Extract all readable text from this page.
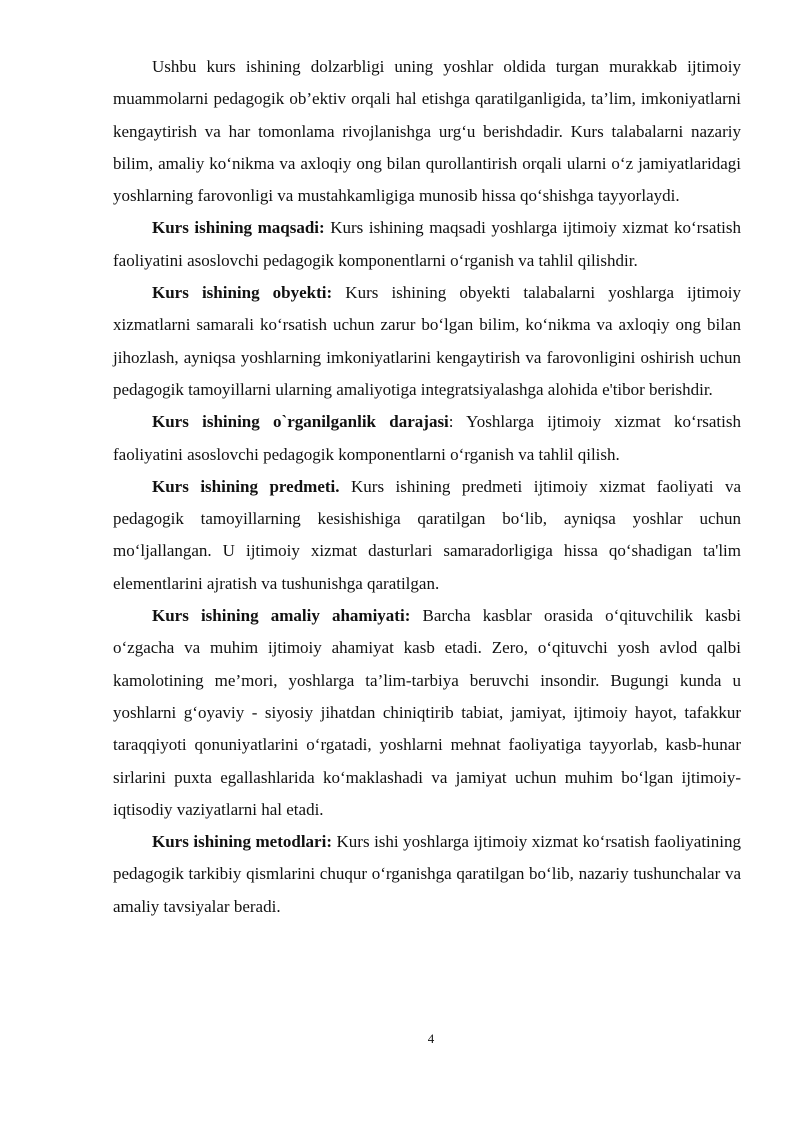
Ushbu kurs ishining dolzarbligi uning yoshlar oldida turgan murakkab ijtimoiy muammolarni pedagogik ob’ektiv orqali hal etishga qaratilganligida, ta’lim, imkoniyatlarni kengaytirish va har tomonlama rivojlanishga urg‘u berishdadir. Kurs talabalarni nazariy bilim, amaliy ko‘nikma va axloqiy ong bilan qurollantirish orqali ularni o‘z jamiyatlaridagi yoshlarning farovonligi va mustahkamligiga munosib hissa qo‘shishga tayyorlaydi.

Kurs ishining maqsadi: Kurs ishining maqsadi yoshlarga ijtimoiy xizmat ko‘rsatish faoliyatini asoslovchi pedagogik komponentlarni o‘rganish va tahlil qilishdir.

Kurs ishining obyekti: Kurs ishining obyekti talabalarni yoshlarga ijtimoiy xizmatlarni samarali ko‘rsatish uchun zarur bo‘lgan bilim, ko‘nikma va axloqiy ong bilan jihozlash, ayniqsa yoshlarning imkoniyatlarini kengaytirish va farovonligini oshirish uchun pedagogik tamoyillarni ularning amaliyotiga integratsiyalashga alohida e'tibor berishdir.

Kurs ishining o`rganilganlik darajasi: Yoshlarga ijtimoiy xizmat ko‘rsatish faoliyatini asoslovchi pedagogik komponentlarni o‘rganish va tahlil qilish.

Kurs ishining predmeti. Kurs ishining predmeti ijtimoiy xizmat faoliyati va pedagogik tamoyillarning kesishishiga qaratilgan bo‘lib, ayniqsa yoshlar uchun mo‘ljallangan. U ijtimoiy xizmat dasturlari samaradorligiga hissa qo‘shadigan ta'lim elementlarini ajratish va tushunishga qaratilgan.

Kurs ishining amaliy ahamiyati: Barcha kasblar orasida o‘qituvchilik kasbi o‘zgacha va muhim ijtimoiy ahamiyat kasb etadi. Zero, o‘qituvchi yosh avlod qalbi kamolotining me’mori, yoshlarga ta’lim-tarbiya beruvchi insondir. Bugungi kunda u yoshlarni g‘oyaviy - siyosiy jihatdan chiniqtirib tabiat, jamiyat, ijtimoiy hayot, tafakkur taraqqiyoti qonuniyatlarini o‘rgatadi, yoshlarni mehnat faoliyatiga tayyorlab, kasb-hunar sirlarini puxta egallashlarida ko‘maklashadi va jamiyat uchun muhim bo‘lgan ijtimoiy-iqtisodiy vaziyatlarni hal etadi.

Kurs ishining metodlari: Kurs ishi yoshlarga ijtimoiy xizmat ko‘rsatish faoliyatining pedagogik tarkibiy qismlarini chuqur o‘rganishga qaratilgan bo‘lib, nazariy tushunchalar va amaliy tavsiyalar beradi.

4
